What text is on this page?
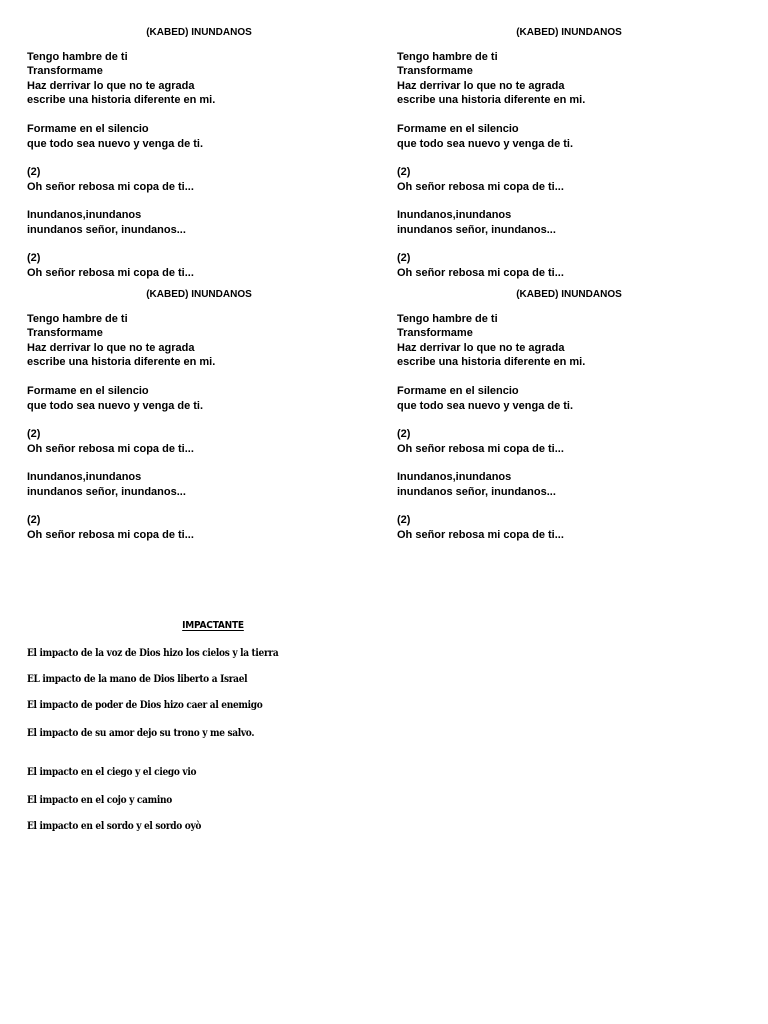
(KABED) INUNDANOS
Tengo hambre de ti
Transformame
Haz derrivar lo que no te agrada
escribe una historia diferente en mi.
Formame en el silencio
que todo sea nuevo y venga de ti.
(2)
Oh señor rebosa mi copa de ti...
Inundanos,inundanos
inundanos señor, inundanos...
(2)
Oh señor rebosa mi copa de ti...
(KABED) INUNDANOS
Tengo hambre de ti
Transformame
Haz derrivar lo que no te agrada
escribe una historia diferente en mi.
Formame en el silencio
que todo sea nuevo y venga de ti.
(2)
Oh señor rebosa mi copa de ti...
Inundanos,inundanos
inundanos señor, inundanos...
(2)
Oh señor rebosa mi copa de ti...
(KABED) INUNDANOS
Tengo hambre de ti
Transformame
Haz derrivar lo que no te agrada
escribe una historia diferente en mi.
Formame en el silencio
que todo sea nuevo y venga de ti.
(2)
Oh señor rebosa mi copa de ti...
Inundanos,inundanos
inundanos señor, inundanos...
(2)
Oh señor rebosa mi copa de ti...
(KABED) INUNDANOS
Tengo hambre de ti
Transformame
Haz derrivar lo que no te agrada
escribe una historia diferente en mi.
Formame en el silencio
que todo sea nuevo y venga de ti.
(2)
Oh señor rebosa mi copa de ti...
Inundanos,inundanos
inundanos señor, inundanos...
(2)
Oh señor rebosa mi copa de ti...
IMPACTANTE
El impacto de la voz de Dios hizo los cielos y la tierra
EL impacto de la mano de Dios liberto a Israel
El impacto de poder de Dios hizo caer al enemigo
El impacto de su amor dejo su trono y me salvo.
El impacto en el ciego y el ciego vio
El impacto en el cojo y camino
El impacto en el sordo y el sordo oyò
